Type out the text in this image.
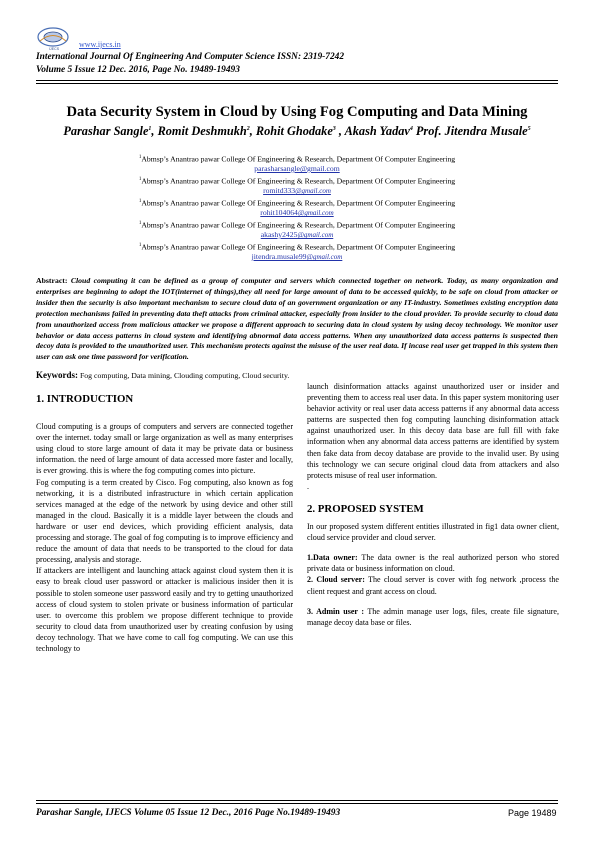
IJECS	www.ijecs.in
International Journal Of Engineering And Computer Science ISSN: 2319-7242
Volume 5 Issue 12 Dec. 2016, Page No. 19489-19493
Data Security System in Cloud by Using Fog Computing and Data Mining
Parashar Sangle$^1$, Romit Deshmukh$^2$, Rohit Ghodake$^3$ , Akash Yadav$^4$ Prof. Jitendra Musale$^5$
$^1$Abmsp’s Anantrao pawar College Of Engineering & Research, Department Of Computer Engineering
parasharsangle@gmail.com
$^1$Abmsp’s Anantrao pawar College Of Engineering & Research, Department Of Computer Engineering
romitd333@gmail.com
$^1$Abmsp’s Anantrao pawar College Of Engineering & Research, Department Of Computer Engineering
rohit104064@gmail.com
$^1$Abmsp’s Anantrao pawar College Of Engineering & Research, Department Of Computer Engineering
akashy2425@gmail.com
$^1$Abmsp’s Anantrao pawar College Of Engineering & Research, Department Of Computer Engineering
jitendra.musale99@gmail.com
Abstract: Cloud computing it can be defined as a group of computer and servers which connected together on network. Today, as many organization and enterprises are beginning to adopt the IOT(internet of things),they all need for large amount of data to be accessed quickly, to be safe on cloud from attacker or insider then the security is also important mechanism to secure cloud data of an government organization or any IT-industry. Sometimes existing encryption data protection mechanisms failed in preventing data theft attacks from criminal attacker, especially from insider to the cloud provider. To provide security to cloud data from unauthorized access from malicious attacker we propose a different approach to securing data in cloud system by using decoy technology. We monitor user behavior or data access patterns in cloud system and identifying abnormal data access patterns. When any unauthorized data access patterns is suspected then decoy data is provided to the unauthorized user. This mechanism protects against the misuse of the user real data. If incase real user get trapped in this system then user can ask one time password for verification.
Keywords: Fog computing, Data mining, Clouding computing, Cloud security.
1. INTRODUCTION

Cloud computing is a groups of computers and servers are connected together over the internet. today small or large organization as well as many enterprises using cloud to store large amount of data it may be private data or business information. the need of large amount of data accessed more faster and locally, is ever growing. this is where the fog computing comes into picture.

Fog computing is a term created by Cisco. Fog computing, also known as fog networking, it is a distributed infrastructure in which certain application services managed at the edge of the network by using device and other still managed in the cloud. Basically it is a middle layer between the clouds and hardware or user end devices, which providing efficient analysis, data processing and storage. The goal of fog computing is to improve efficiency and reduce the amount of data that needs to be transported to the cloud for data processing, analysis and storage.

If attackers are intelligent and launching attack against cloud system then it is easy to break cloud user password or attacker is malicious insider then it is possible to stolen someone user password easily and try to getting unauthorized access of cloud system to stolen private or business information of particular user. to overcome this problem we propose different technique to provide security to cloud data from unauthorized user by creating confusion by using decoy technology. That we have come to call fog computing. We can use this technology to

launch disinformation attacks against unauthorized user or insider and preventing them to access real user data. In this paper system monitoring user behavior activity or real user data access patterns if any abnormal data access patterns are suspected then fog computing launching disinformation attack against unauthorized user. In this decoy data base are full fill with fake information when any abnormal data access patterns are identified by system then fake data from decoy database are provide to the invalid user. By using this technology we can secure original cloud data from attackers and also protects misuse of real user information.

.

2. PROPOSED SYSTEM

In our proposed system different entities illustrated in fig1 data owner client, cloud service provider and cloud server.

1.Data owner: The data owner is the real authorized person who stored private data or business information on cloud.

2. Cloud server: The cloud server is cover with fog network ,process the client request and grant access on cloud.

3. Admin user : The admin manage user logs, files, create file signature, manage decoy data base or files.

Parashar Sangle, IJECS Volume 05 Issue 12 Dec., 2016 Page No.19489-19493	Page 19489
